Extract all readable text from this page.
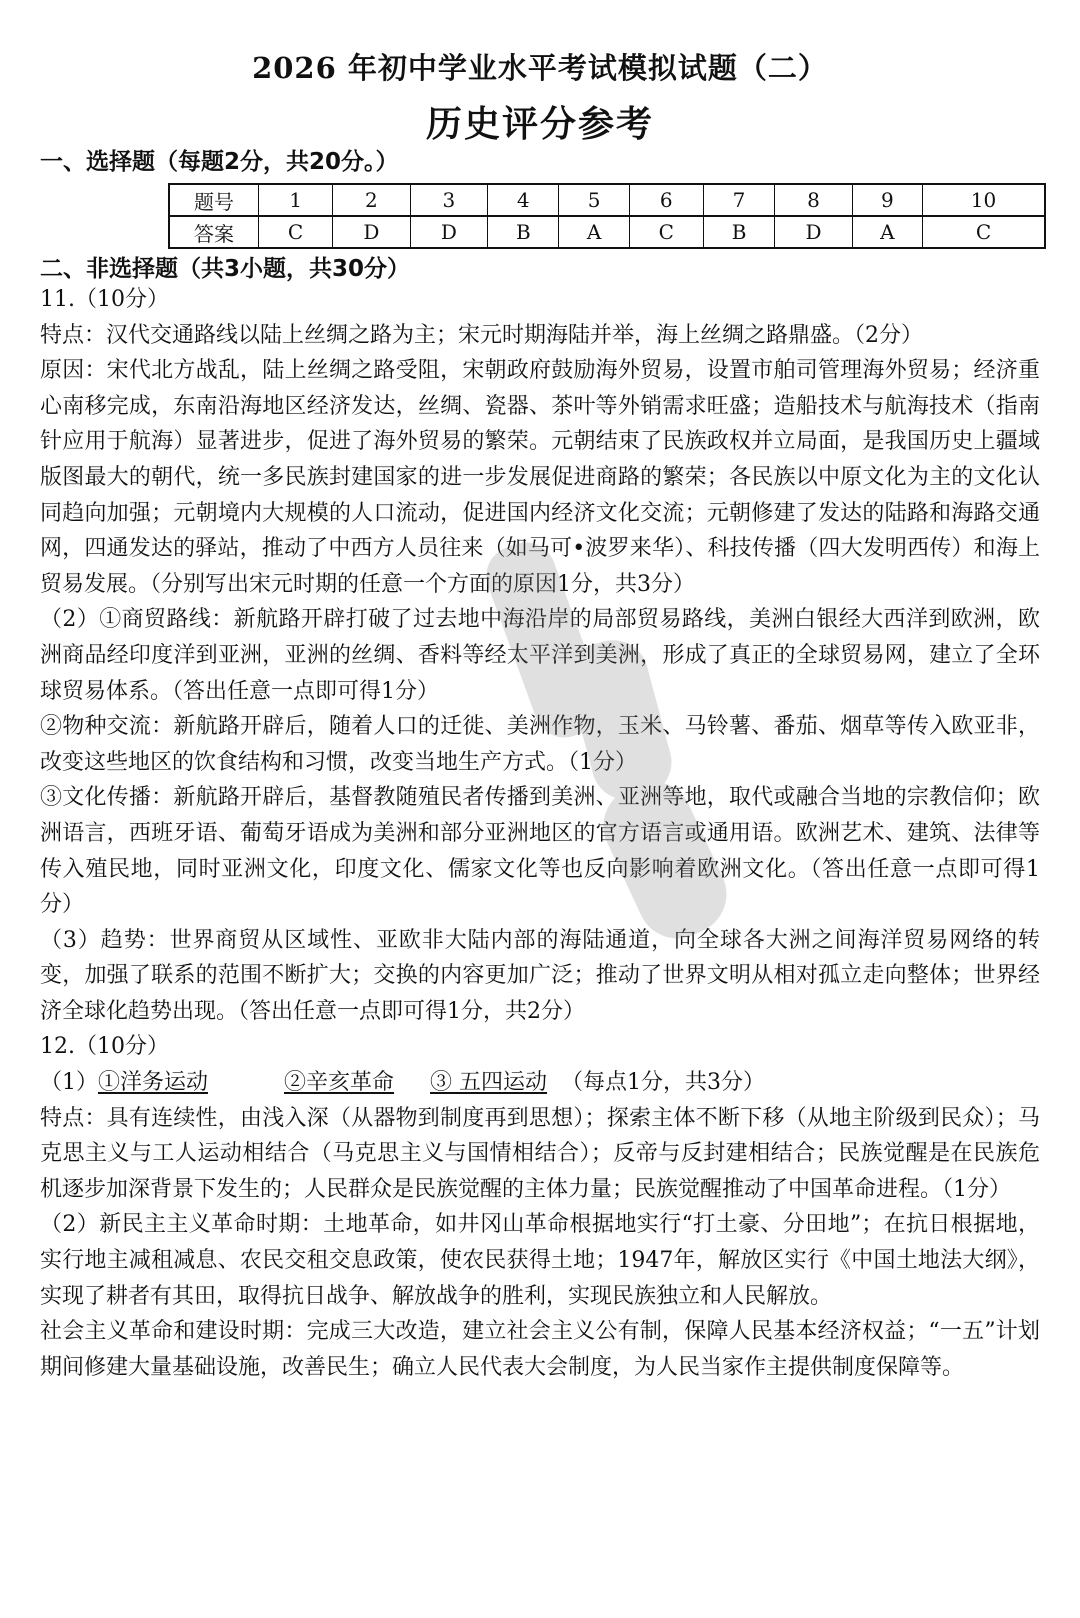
2026 年初中学业水平考试模拟试题（二）
历史评分参考
一、选择题（每题2分，共20分。）
题号	1	2	3	4	5	6	7	8	9	10
答案	C	D	D	B	A	C	B	D	A	C
二、非选择题（共3小题，共30分）

11.（10分）

特点：汉代交通路线以陆上丝绸之路为主；宋元时期海陆并举，海上丝绸之路鼎盛。（2分）

原因：宋代北方战乱，陆上丝绸之路受阻，宋朝政府鼓励海外贸易，设置市舶司管理海外贸易；经济重心南移完成，东南沿海地区经济发达，丝绸、瓷器、茶叶等外销需求旺盛；造船技术与航海技术（指南针应用于航海）显著进步，促进了海外贸易的繁荣。元朝结束了民族政权并立局面，是我国历史上疆域版图最大的朝代，统一多民族封建国家的进一步发展促进商路的繁荣；各民族以中原文化为主的文化认同趋向加强；元朝境内大规模的人口流动，促进国内经济文化交流；元朝修建了发达的陆路和海路交通网，四通发达的驿站，推动了中西方人员往来（如马可•波罗来华）、科技传播（四大发明西传）和海上贸易发展。（分别写出宋元时期的任意一个方面的原因1分，共3分）

（2）①商贸路线：新航路开辟打破了过去地中海沿岸的局部贸易路线，美洲白银经大西洋到欧洲，欧洲商品经印度洋到亚洲，亚洲的丝绸、香料等经太平洋到美洲，形成了真正的全球贸易网，建立了全环球贸易体系。（答出任意一点即可得1分）

②物种交流：新航路开辟后，随着人口的迁徙、美洲作物，玉米、马铃薯、番茄、烟草等传入欧亚非，改变这些地区的饮食结构和习惯，改变当地生产方式。（1分）

③文化传播：新航路开辟后，基督教随殖民者传播到美洲、亚洲等地，取代或融合当地的宗教信仰；欧洲语言，西班牙语、葡萄牙语成为美洲和部分亚洲地区的官方语言或通用语。欧洲艺术、建筑、法律等传入殖民地，同时亚洲文化，印度文化、儒家文化等也反向影响着欧洲文化。（答出任意一点即可得1分）

（3）趋势：世界商贸从区域性、亚欧非大陆内部的海陆通道，向全球各大洲之间海洋贸易网络的转变，加强了联系的范围不断扩大；交换的内容更加广泛；推动了世界文明从相对孤立走向整体；世界经济全球化趋势出现。（答出任意一点即可得1分，共2分）

12.（10分）

（1）①洋务运动	②辛亥革命 ③ 五四运动 （每点1分，共3分）

特点：具有连续性，由浅入深（从器物到制度再到思想）；探索主体不断下移（从地主阶级到民众）；马克思主义与工人运动相结合（马克思主义与国情相结合）；反帝与反封建相结合；民族觉醒是在民族危机逐步加深背景下发生的；人民群众是民族觉醒的主体力量；民族觉醒推动了中国革命进程。（1分）

（2）新民主主义革命时期：土地革命，如井冈山革命根据地实行“打土豪、分田地”；在抗日根据地，实行地主减租减息、农民交租交息政策，使农民获得土地；1947年，解放区实行《中国土地法大纲》，实现了耕者有其田，取得抗日战争、解放战争的胜利，实现民族独立和人民解放。

社会主义革命和建设时期：完成三大改造，建立社会主义公有制，保障人民基本经济权益；“一五”计划期间修建大量基础设施，改善民生；确立人民代表大会制度，为人民当家作主提供制度保障等。
